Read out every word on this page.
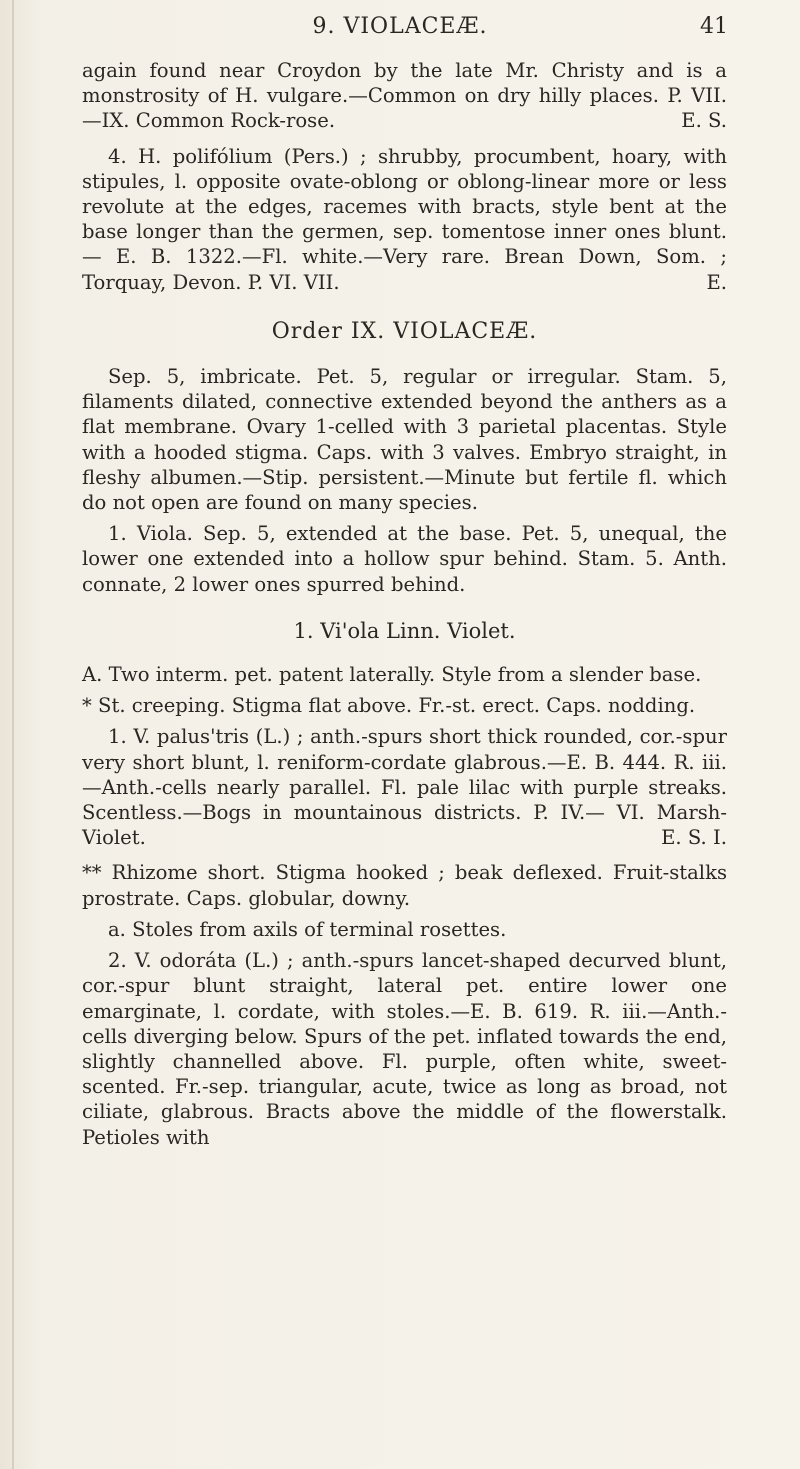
9. VIOLACEÆ.	41

again found near Croydon by the late Mr. Christy and is a monstrosity of H. vulgare.—Common on dry hilly places. P. VII. —IX. Common Rock-rose.	E. S.

4. H. polifólium (Pers.) ; shrubby, procumbent, hoary, with stipules, l. opposite ovate-oblong or oblong-linear more or less revolute at the edges, racemes with bracts, style bent at the base longer than the germen, sep. tomentose inner ones blunt.— E. B. 1322.—Fl. white.—Very rare. Brean Down, Som. ; Torquay, Devon. P. VI. VII.	E.

Order IX. VIOLACEÆ.

Sep. 5, imbricate. Pet. 5, regular or irregular. Stam. 5, filaments dilated, connective extended beyond the anthers as a flat membrane. Ovary 1-celled with 3 parietal placentas. Style with a hooded stigma. Caps. with 3 valves. Embryo straight, in fleshy albumen.—Stip. persistent.—Minute but fertile fl. which do not open are found on many species.

1. Viola. Sep. 5, extended at the base. Pet. 5, unequal, the lower one extended into a hollow spur behind. Stam. 5. Anth. connate, 2 lower ones spurred behind.

1. Vi'ola Linn. Violet.

A. Two interm. pet. patent laterally. Style from a slender base.

* St. creeping. Stigma flat above. Fr.-st. erect. Caps. nodding.

1. V. palus'tris (L.) ; anth.-spurs short thick rounded, cor.-spur very short blunt, l. reniform-cordate glabrous.—E. B. 444. R. iii.—Anth.-cells nearly parallel. Fl. pale lilac with purple streaks. Scentless.—Bogs in mountainous districts. P. IV.— VI. Marsh-Violet.	E. S. I.

** Rhizome short. Stigma hooked ; beak deflexed. Fruit-stalks prostrate. Caps. globular, downy.

a. Stoles from axils of terminal rosettes.

2. V. odoráta (L.) ; anth.-spurs lancet-shaped decurved blunt, cor.-spur blunt straight, lateral pet. entire lower one emarginate, l. cordate, with stoles.—E. B. 619. R. iii.—Anth.-cells diverging below. Spurs of the pet. inflated towards the end, slightly channelled above. Fl. purple, often white, sweet-scented. Fr.-sep. triangular, acute, twice as long as broad, not ciliate, glabrous. Bracts above the middle of the flowerstalk. Petioles with
